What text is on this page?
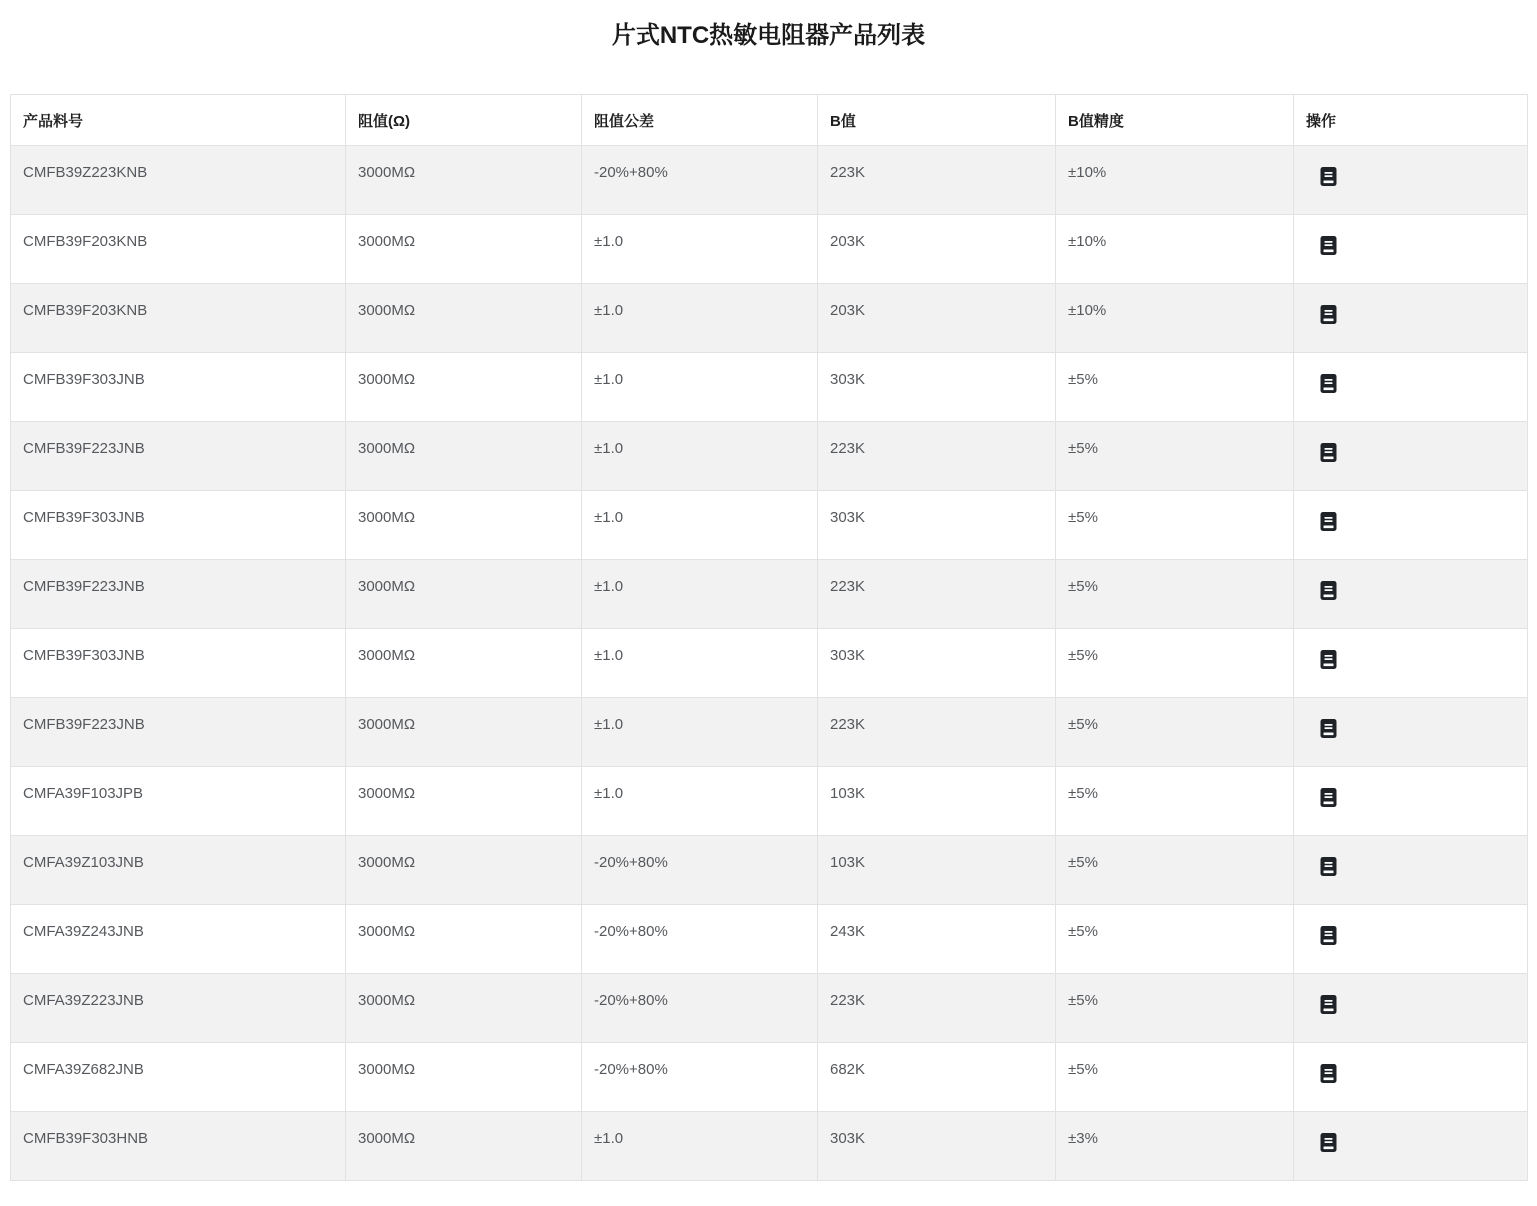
片式NTC热敏电阻器产品列表
产品料号	阻值(Ω)	阻值公差	B值	B值精度	操作
CMFB39Z223KNB	3000MΩ	-20%+80%	223K	±10%	

CMFB39F203KNB	3000MΩ	±1.0	203K	±10%	

CMFB39F203KNB	3000MΩ	±1.0	203K	±10%	

CMFB39F303JNB	3000MΩ	±1.0	303K	±5%	

CMFB39F223JNB	3000MΩ	±1.0	223K	±5%	

CMFB39F303JNB	3000MΩ	±1.0	303K	±5%	

CMFB39F223JNB	3000MΩ	±1.0	223K	±5%	

CMFB39F303JNB	3000MΩ	±1.0	303K	±5%	

CMFB39F223JNB	3000MΩ	±1.0	223K	±5%	

CMFA39F103JPB	3000MΩ	±1.0	103K	±5%	

CMFA39Z103JNB	3000MΩ	-20%+80%	103K	±5%	

CMFA39Z243JNB	3000MΩ	-20%+80%	243K	±5%	

CMFA39Z223JNB	3000MΩ	-20%+80%	223K	±5%	

CMFA39Z682JNB	3000MΩ	-20%+80%	682K	±5%	

CMFB39F303HNB	3000MΩ	±1.0	303K	±3%	
